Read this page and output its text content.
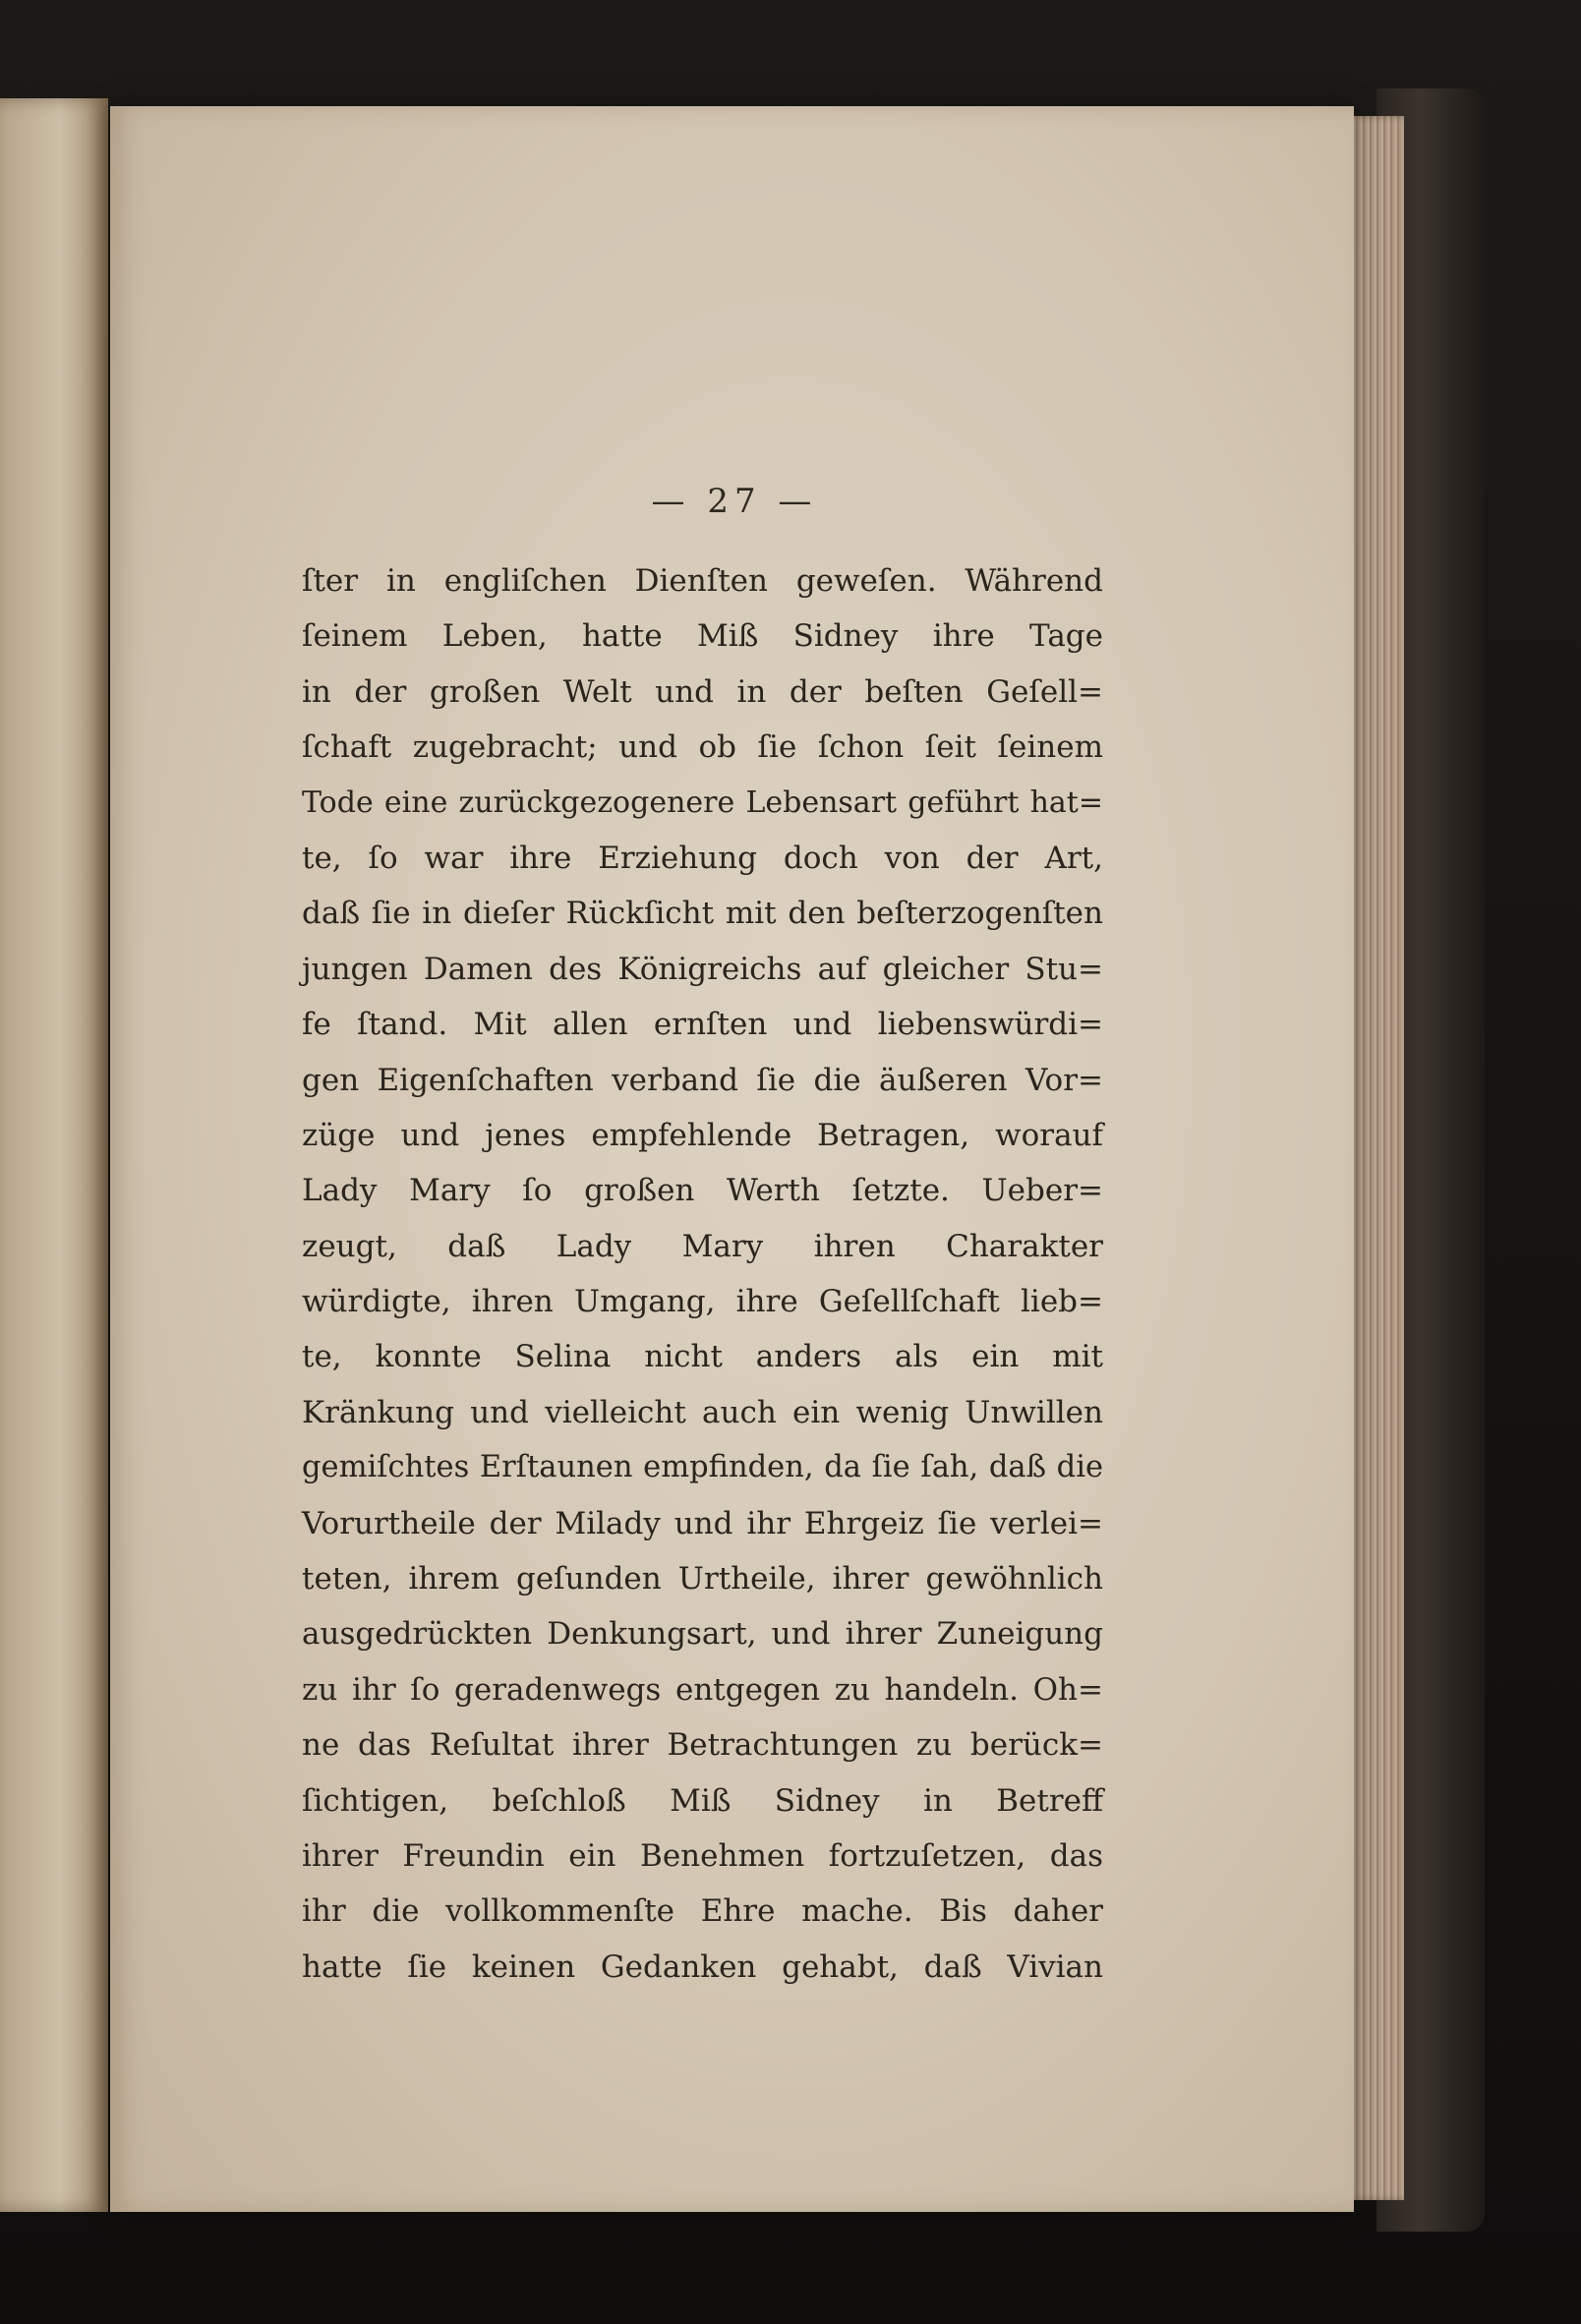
— 27 —
ſter in engliſchen Dienſten geweſen. Während
ſeinem Leben, hatte Miß Sidney ihre Tage
in der großen Welt und in der beſten Geſell=
ſchaft zugebracht; und ob ſie ſchon ſeit ſeinem
Tode eine zurückgezogenere Lebensart geführt hat=
te, ſo war ihre Erziehung doch von der Art,
daß ſie in dieſer Rückſicht mit den beſterzogenſten
jungen Damen des Königreichs auf gleicher Stu=
fe ſtand. Mit allen ernſten und liebenswürdi=
gen Eigenſchaften verband ſie die äußeren Vor=
züge und jenes empfehlende Betragen, worauf
Lady Mary ſo großen Werth ſetzte. Ueber=
zeugt, daß Lady Mary ihren Charakter
würdigte, ihren Umgang, ihre Geſellſchaft lieb=
te, konnte Selina nicht anders als ein mit
Kränkung und vielleicht auch ein wenig Unwillen
gemiſchtes Erſtaunen empfinden, da ſie ſah, daß die
Vorurtheile der Milady und ihr Ehrgeiz ſie verlei=
teten, ihrem geſunden Urtheile, ihrer gewöhnlich
ausgedrückten Denkungsart, und ihrer Zuneigung
zu ihr ſo geradenwegs entgegen zu handeln. Oh=
ne das Reſultat ihrer Betrachtungen zu berück=
ſichtigen, beſchloß Miß Sidney in Betreff
ihrer Freundin ein Benehmen fortzuſetzen, das
ihr die vollkommenſte Ehre mache. Bis daher
hatte ſie keinen Gedanken gehabt, daß Vivian
